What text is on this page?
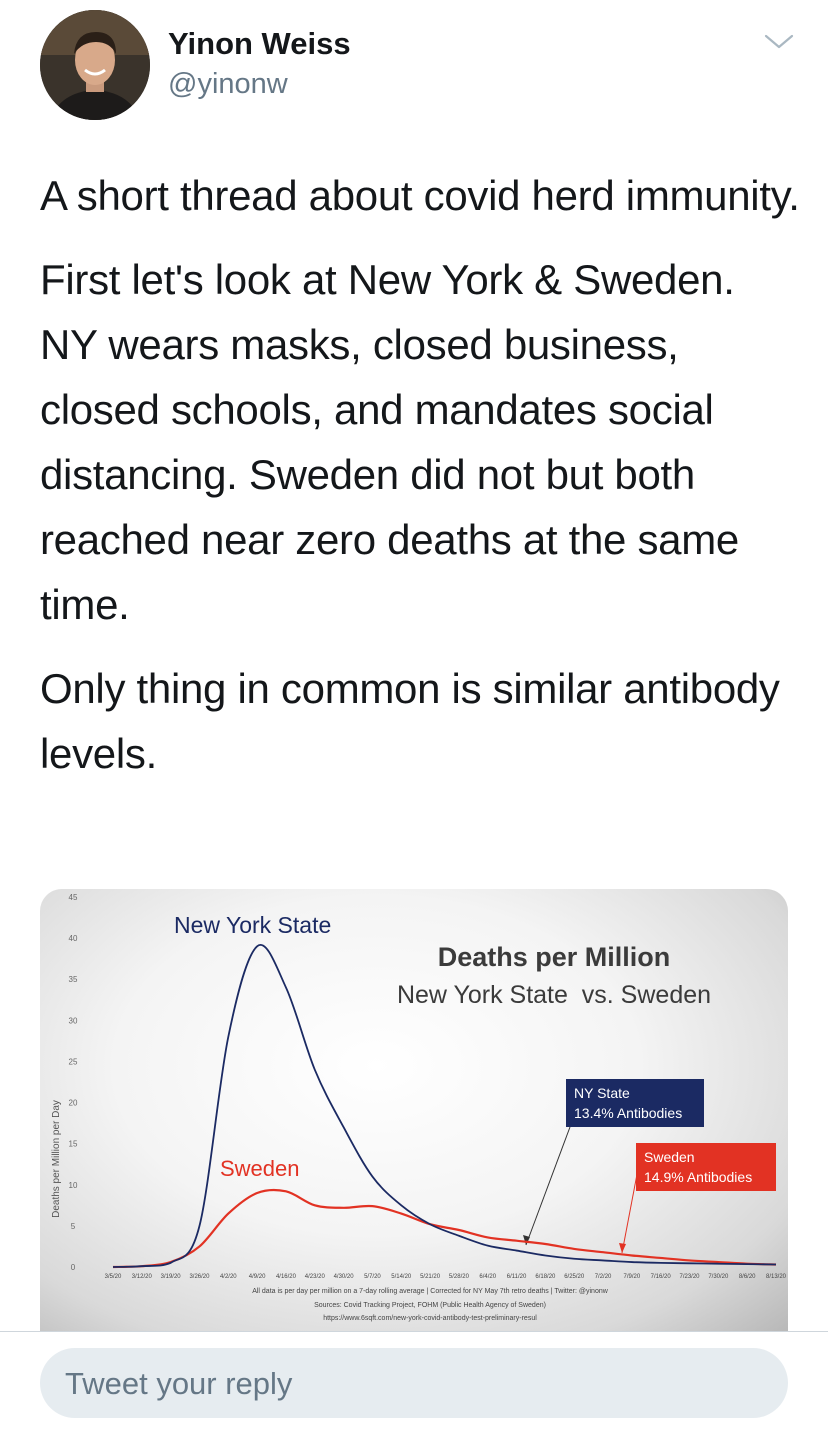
Yinon Weiss
@yinonw

A short thread about covid herd immunity.

First let's look at New York & Sweden. NY wears masks, closed business, closed schools, and mandates social distancing. Sweden did not but both reached near zero deaths at the same time.

Only thing in common is similar antibody levels.

0
5
10
15
20
25
30
35
40
45
Deaths per Million per Day
Deaths per Million
New York State  vs. Sweden
New York State
Sweden
NY State
13.4% Antibodies
Sweden
14.9% Antibodies
3/5/20 3/12/20 3/19/20 3/26/20 4/2/20 4/9/20 4/16/20 4/23/20 4/30/20 5/7/20 5/14/20 5/21/20 5/28/20 6/4/20 6/11/20 6/18/20 6/25/20 7/2/20 7/9/20 7/16/20 7/23/20 7/30/20 8/6/20 8/13/20
All data is per day per million on a 7-day rolling average | Corrected for NY May 7th retro deaths | Twitter: @yinonw
Sources: Covid Tracking Project, FOHM (Public Health Agency of Sweden)
https://www.6sqft.com/new-york-covid-antibody-test-preliminary-resul
Tweet your reply
